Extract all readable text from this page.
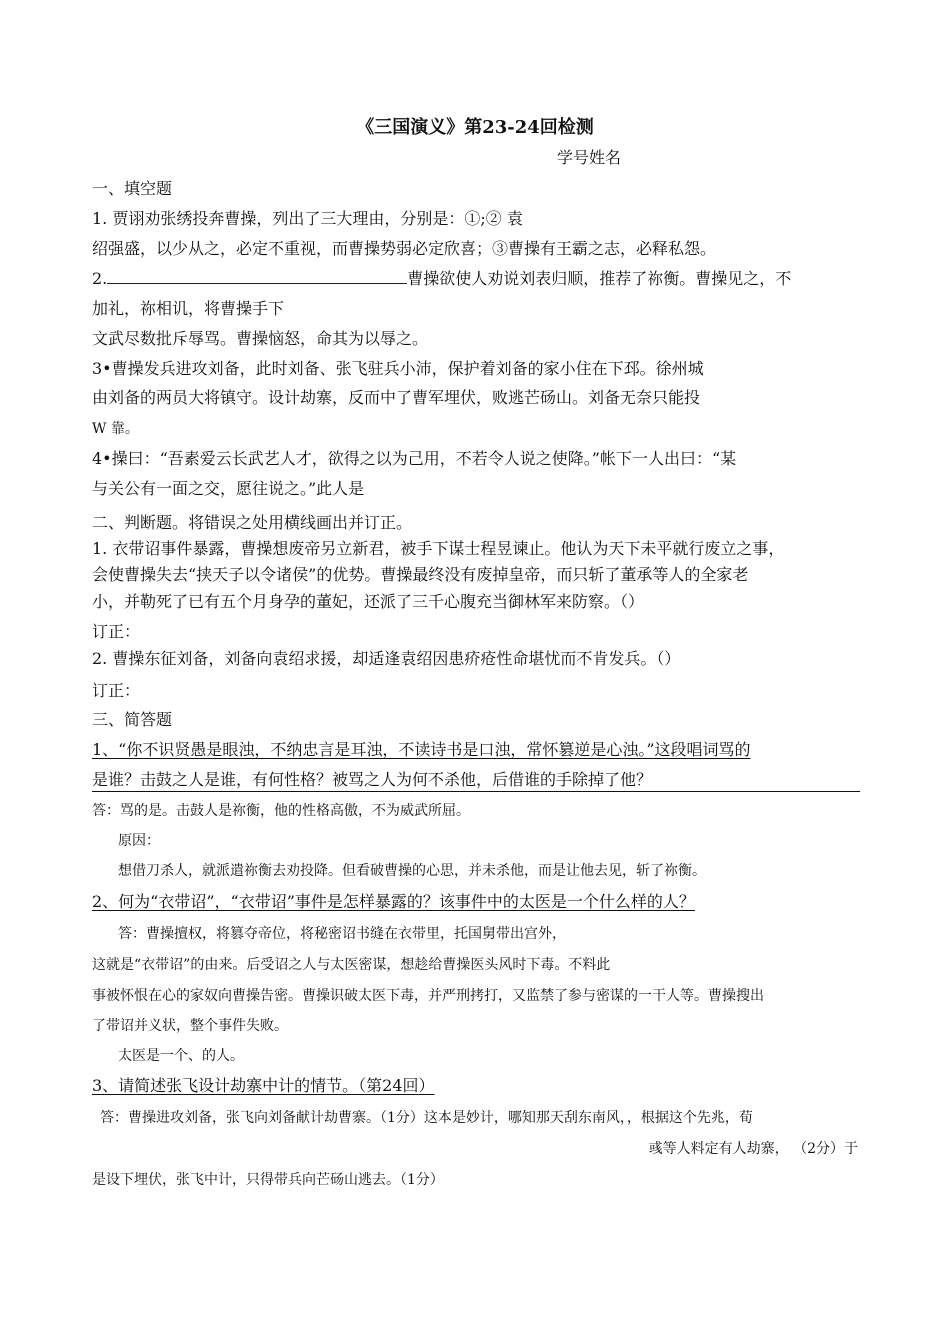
《三国演义》第23-24回检测
学号姓名
一、填空题
1. 贾诩劝张绣投奔曹操，列出了三大理由，分别是：①;② 袁
绍强盛，以少从之，必定不重视，而曹操势弱必定欣喜；③曹操有王霸之志，必释私怨。
2.	曹操欲使人劝说刘表归顺，推荐了祢衡。曹操见之，不
加礼，祢相讥，将曹操手下
文武尽数批斥辱骂。曹操恼怒，命其为以辱之。
3•曹操发兵进攻刘备，此时刘备、张飞驻兵小沛，保护着刘备的家小住在下邳。徐州城
由刘备的两员大将镇守。设计劫寨，反而中了曹军埋伏，败逃芒砀山。刘备无奈只能投
W 靠。
4•操曰：“吾素爱云长武艺人才，欲得之以为己用，不若令人说之使降。”帐下一人出曰：“某
与关公有一面之交，愿往说之。”此人是
二、判断题。将错误之处用横线画出并订正。
1. 衣带诏事件暴露，曹操想废帝另立新君，被手下谋士程昱谏止。他认为天下未平就行废立之事，
会使曹操失去“挟天子以令诸侯”的优势。曹操最终没有废掉皇帝，而只斩了董承等人的全家老
小，并勒死了已有五个月身孕的董妃，还派了三千心腹充当御林军来防察。（）
订正：
2. 曹操东征刘备，刘备向袁绍求援，却适逢袁绍因患疥疮性命堪忧而不肯发兵。（）
订正：
三、简答题
1、“你不识贤愚是眼浊，不纳忠言是耳浊，不读诗书是口浊，常怀篡逆是心浊。”这段唱词骂的
是谁？击鼓之人是谁，有何性格？被骂之人为何不杀他，后借谁的手除掉了他？
答：骂的是。击鼓人是祢衡，他的性格高傲，不为威武所屈。
原因：
想借刀杀人，就派遣祢衡去劝投降。但看破曹操的心思，并未杀他，而是让他去见，斩了祢衡。
2、何为“衣带诏”，“衣带诏”事件是怎样暴露的？该事件中的太医是一个什么样的人？
答：曹操擅权，将篡夺帝位，将秘密诏书缝在衣带里，托国舅带出宫外，
这就是“衣带诏”的由来。后受诏之人与太医密谋，想趁给曹操医头风时下毒。不料此
事被怀恨在心的家奴向曹操告密。曹操识破太医下毒，并严刑拷打，又监禁了参与密谋的一干人等。曹操搜出
了带诏并义状，整个事件失败。
太医是一个、的人。
3、请简述张飞设计劫寨中计的情节。（第24回）
答：曹操进攻刘备，张飞向刘备献计劫曹寨。（1分）这本是妙计，哪知那天刮东南风，，根据这个先兆，荀
彧等人料定有人劫寨， （2分）于
是设下埋伏，张飞中计，只得带兵向芒砀山逃去。（1分）
